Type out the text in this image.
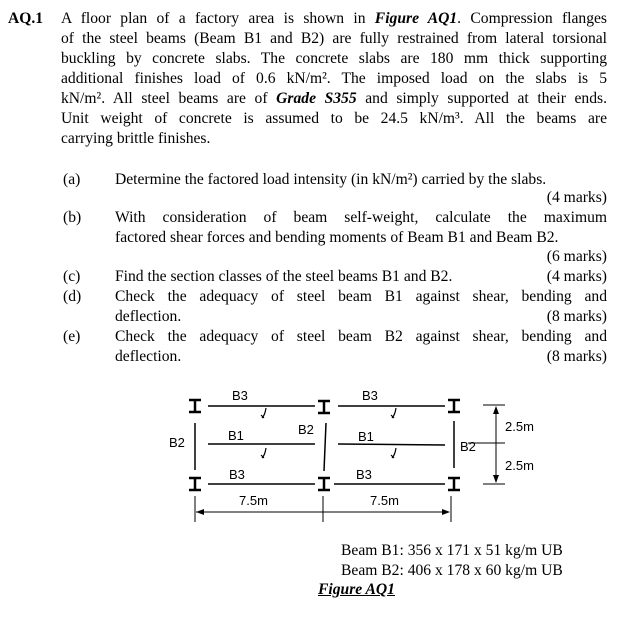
AQ.1 A floor plan of a factory area is shown in Figure AQ1. Compression flanges
of the steel beams (Beam B1 and B2) are fully restrained from lateral torsional
buckling by concrete slabs. The concrete slabs are 180 mm thick supporting
additional finishes load of 0.6 kN/m². The imposed load on the slabs is 5
kN/m². All steel beams are of Grade S355 and simply supported at their ends.
Unit weight of concrete is assumed to be 24.5 kN/m³. All the beams are
carrying brittle finishes.
(a) Determine the factored load intensity (in kN/m²) carried by the slabs.
(4 marks)
(b) With consideration of beam self-weight, calculate the maximum
factored shear forces and bending moments of Beam B1 and Beam B2.
(6 marks)
(c) Find the section classes of the steel beams B1 and B2.	(4 marks)
(d) Check the adequacy of steel beam B1 against shear, bending and
deflection.	(8 marks)
(e) Check the adequacy of steel beam B2 against shear, bending and
deflection.	(8 marks)
B3	B3
B1	B1
B3	B3
B2
B2
B2
7.5m	7.5m
2.5m
2.5m
Beam B1: 356 x 171 x 51 kg/m UB
Beam B2: 406 x 178 x 60 kg/m UB
Figure AQ1
